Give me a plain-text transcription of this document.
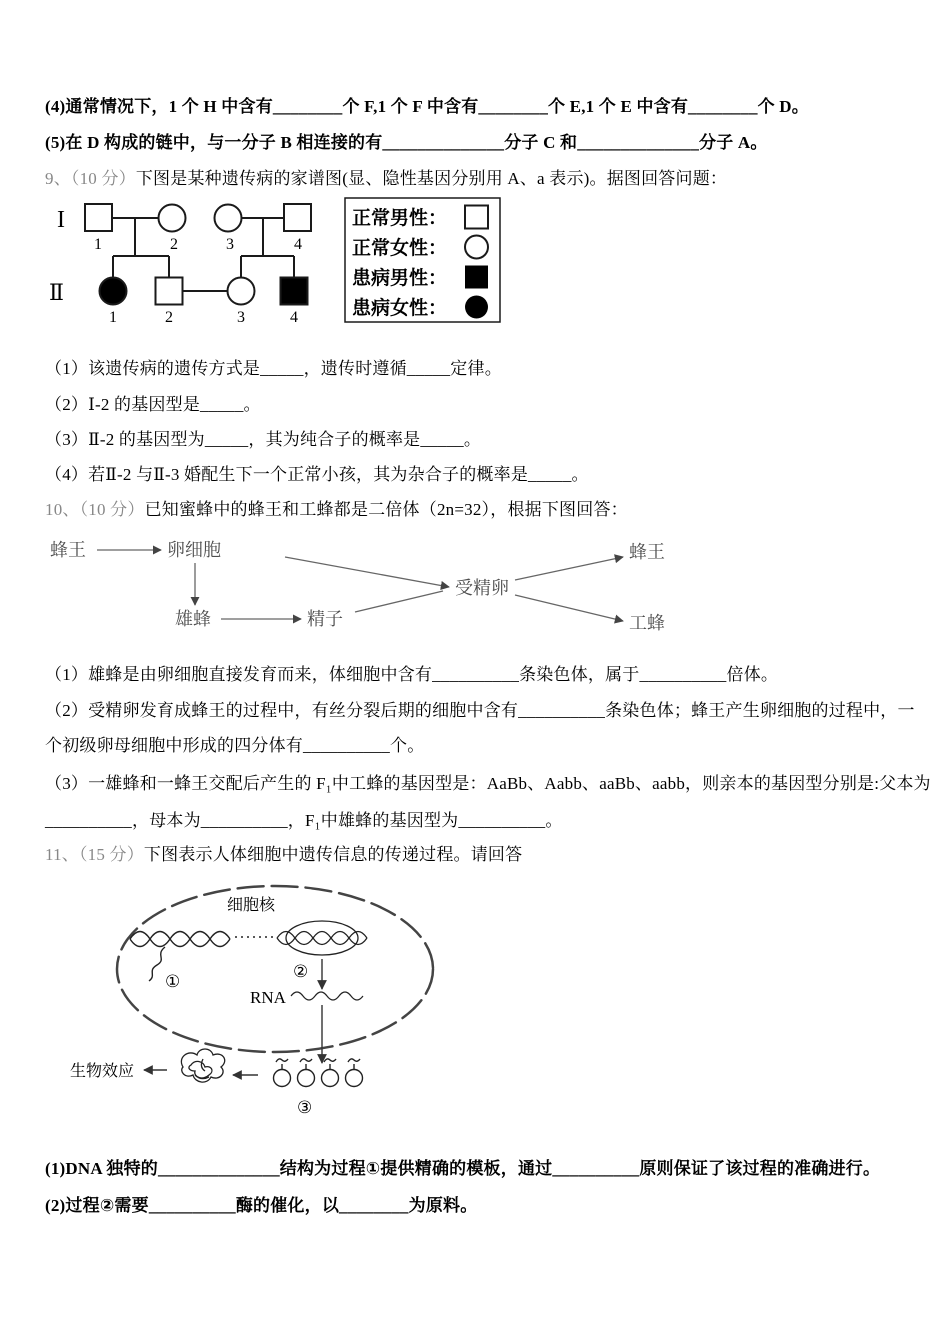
(4)通常情况下，1 个 H 中含有________个 F,1 个 F 中含有________个 E,1 个 E 中含有________个 D。
(5)在 D 构成的链中，与一分子 B 相连接的有______________分子 C 和______________分子 A。
9、（10 分）下图是某种遗传病的家谱图(显、隐性基因分别用 A、a 表示)。据图回答问题：
I
Ⅱ
1	2	3	4
1	2	3	4
正常男性：
正常女性：
患病男性：
患病女性：
（1）该遗传病的遗传方式是_____，遗传时遵循_____定律。
（2）Ⅰ-2 的基因型是_____。
（3）Ⅱ-2 的基因型为_____，其为纯合子的概率是_____。
（4）若Ⅱ-2 与Ⅱ-3 婚配生下一个正常小孩，其为杂合子的概率是_____。
10、（10 分）已知蜜蜂中的蜂王和工蜂都是二倍体（2n=32），根据下图回答：
蜂王	卵细胞
雄蜂	精子
受精卵
蜂王
工蜂
（1）雄蜂是由卵细胞直接发育而来，体细胞中含有__________条染色体，属于__________倍体。
（2）受精卵发育成蜂王的过程中，有丝分裂后期的细胞中含有__________条染色体；蜂王产生卵细胞的过程中，一
个初级卵母细胞中形成的四分体有__________个。
（3）一雄蜂和一蜂王交配后产生的 F₁中工蜂的基因型是：AaBb、Aabb、aaBb、aabb，则亲本的基因型分别是:父本为
__________，母本为__________，F₁中雄蜂的基因型为__________。
11、（15 分）下图表示人体细胞中遗传信息的传递过程。请回答
细胞核
①
②
RNA
③
生物效应
(1)DNA 独特的______________结构为过程①提供精确的模板，通过__________原则保证了该过程的准确进行。
(2)过程②需要__________酶的催化，以________为原料。
